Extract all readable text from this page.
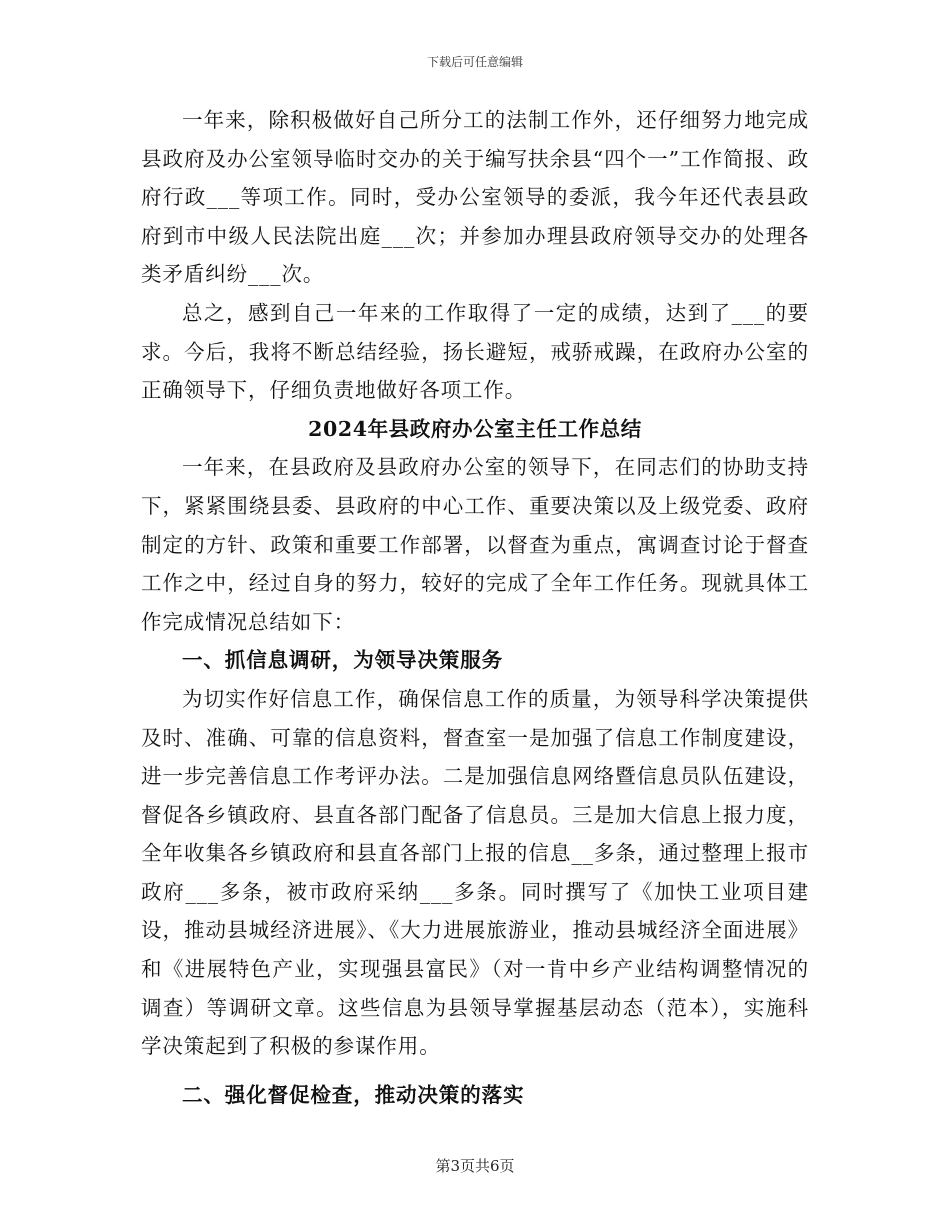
下载后可任意编辑

一年来，除积极做好自己所分工的法制工作外，还仔细努力地完成县政府及办公室领导临时交办的关于编写扶余县“四个一”工作简报、政府行政___等项工作。同时，受办公室领导的委派，我今年还代表县政府到市中级人民法院出庭___次；并参加办理县政府领导交办的处理各类矛盾纠纷___次。

总之，感到自己一年来的工作取得了一定的成绩，达到了___的要求。今后，我将不断总结经验，扬长避短，戒骄戒躁，在政府办公室的正确领导下，仔细负责地做好各项工作。

2024年县政府办公室主任工作总结

一年来，在县政府及县政府办公室的领导下，在同志们的协助支持下，紧紧围绕县委、县政府的中心工作、重要决策以及上级党委、政府制定的方针、政策和重要工作部署，以督查为重点，寓调查讨论于督查工作之中，经过自身的努力，较好的完成了全年工作任务。现就具体工作完成情况总结如下：

一、抓信息调研，为领导决策服务

为切实作好信息工作，确保信息工作的质量，为领导科学决策提供及时、准确、可靠的信息资料，督查室一是加强了信息工作制度建设，进一步完善信息工作考评办法。二是加强信息网络暨信息员队伍建设，督促各乡镇政府、县直各部门配备了信息员。三是加大信息上报力度，全年收集各乡镇政府和县直各部门上报的信息__多条，通过整理上报市政府___多条，被市政府采纳___多条。同时撰写了《加快工业项目建设，推动县城经济进展》、《大力进展旅游业，推动县城经济全面进展》和《进展特色产业，实现强县富民》（对一肯中乡产业结构调整情况的调查）等调研文章。这些信息为县领导掌握基层动态（范本），实施科学决策起到了积极的参谋作用。

二、强化督促检查，推动决策的落实

第3页共6页
